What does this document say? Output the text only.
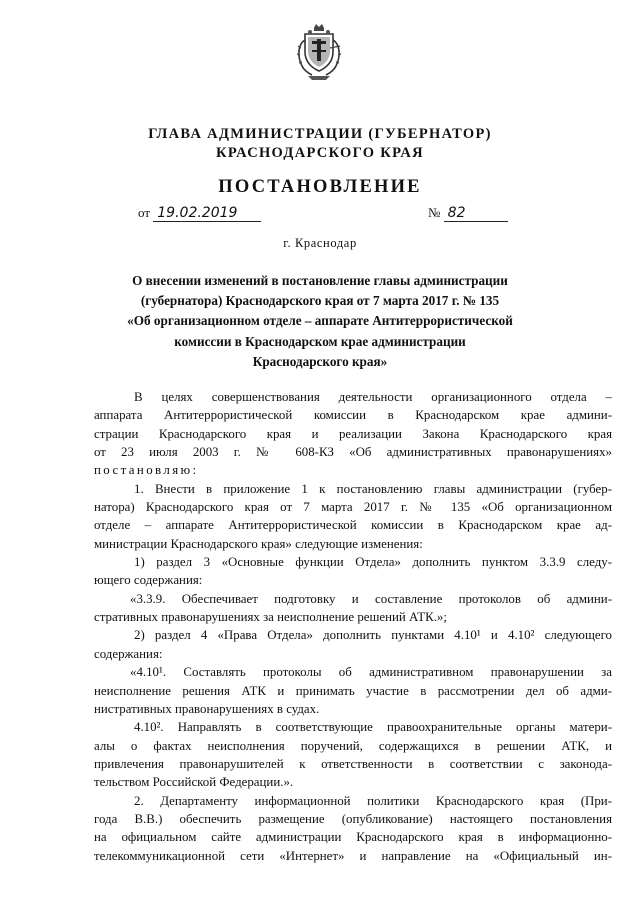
ГЛАВА АДМИНИСТРАЦИИ (ГУБЕРНАТОР)
КРАСНОДАРСКОГО КРАЯ
ПОСТАНОВЛЕНИЕ
от 19.02.2019	№ 82
г. Краснодар

О внесении изменений в постановление главы администрации
(губернатора) Краснодарского края от 7 марта 2017 г. № 135
«Об организационном отделе – аппарате Антитеррористической
комиссии в Краснодарском крае администрации
Краснодарского края»

В целях совершенствования деятельности организационного отдела –

аппарата Антитеррористической комиссии в Краснодарском крае админи-

страции Краснодарского края и реализации Закона Краснодарского края

от 23 июля 2003 г. № 608-КЗ «Об административных правонарушениях»

постановляю:

1. Внести в приложение 1 к постановлению главы администрации (губер-

натора) Краснодарского края от 7 марта 2017 г. № 135 «Об организационном

отделе – аппарате Антитеррористической комиссии в Краснодарском крае ад-

министрации Краснодарского края» следующие изменения:

1) раздел 3 «Основные функции Отдела» дополнить пунктом 3.3.9 следу-

ющего содержания:

«3.3.9. Обеспечивает подготовку и составление протоколов об админи-

стративных правонарушениях за неисполнение решений АТК.»;

2) раздел 4 «Права Отдела» дополнить пунктами 4.10¹ и 4.10² следующего

содержания:

«4.10¹. Составлять протоколы об административном правонарушении за

неисполнение решения АТК и принимать участие в рассмотрении дел об адми-

нистративных правонарушениях в судах.

4.10². Направлять в соответствующие правоохранительные органы матери-

алы о фактах неисполнения поручений, содержащихся в решении АТК, и

привлечения правонарушителей к ответственности в соответствии с законода-

тельством Российской Федерации.».

2. Департаменту информационной политики Краснодарского края (При-

года В.В.) обеспечить размещение (опубликование) настоящего постановления

на официальном сайте администрации Краснодарского края в информационно-

телекоммуникационной сети «Интернет» и направление на «Официальный ин-
